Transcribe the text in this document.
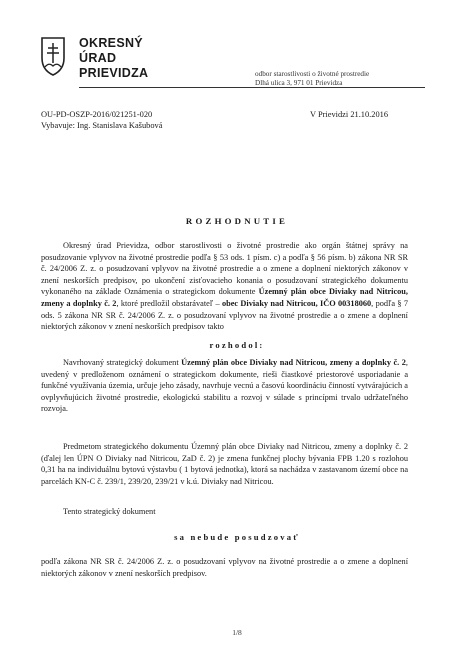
OKRESNÝ
ÚRAD
PRIEVIDZA	odbor starostlivosti o životné prostredie
Dlhá ulica 3, 971 01 Prievidza
OU-PD-OSZP-2016/021251-020
Vybavuje: Ing. Stanislava Kašubová
V Prievidzi 21.10.2016
ROZHODNUTIE
Okresný úrad Prievidza, odbor starostlivosti o životné prostredie ako orgán štátnej správy na posudzovanie vplyvov na životné prostredie podľa § 53 ods. 1 písm. c) a podľa § 56 písm. b) zákona NR SR č. 24/2006 Z. z. o posudzovaní vplyvov na životné prostredie a o zmene a doplnení niektorých zákonov v znení neskorších predpisov, po ukončení zisťovacieho konania o posudzovaní strategického dokumentu vykonaného na základe Oznámenia o strategickom dokumente Územný plán obce Diviaky nad Nitricou, zmeny a doplnky č. 2, ktoré predložil obstarávateľ – obec Diviaky nad Nitricou, IČO 00318060, podľa § 7 ods. 5 zákona NR SR č. 24/2006 Z. z. o posudzovaní vplyvov na životné prostredie a o zmene a doplnení niektorých zákonov v znení neskorších predpisov takto
rozhodol:
Navrhovaný strategický dokument Územný plán obce Diviaky nad Nitricou, zmeny a doplnky č. 2, uvedený v predloženom oznámení o strategickom dokumente, rieši čiastkové priestorové usporiadanie a funkčné využívania územia, určuje jeho zásady, navrhuje vecnú a časovú koordináciu činností vytvárajúcich a ovplyvňujúcich životné prostredie, ekologickú stabilitu a rozvoj v súlade s princípmi trvalo udržateľného rozvoja.
Predmetom strategického dokumentu Územný plán obce Diviaky nad Nitricou, zmeny a doplnky č. 2 (ďalej len ÚPN O Diviaky nad Nitricou, ZaD č. 2) je zmena funkčnej plochy bývania FPB 1.20 s rozlohou 0,31 ha na individuálnu bytovú výstavbu ( 1 bytová jednotka), ktorá sa nachádza v zastavanom území obce na parcelách KN-C č. 239/1, 239/20, 239/21 v k.ú. Diviaky nad Nitricou.
Tento strategický dokument
sa nebude posudzovať
podľa zákona NR SR č. 24/2006 Z. z. o posudzovaní vplyvov na životné prostredie a o zmene a doplnení niektorých zákonov v znení neskorších predpisov.
1/8
